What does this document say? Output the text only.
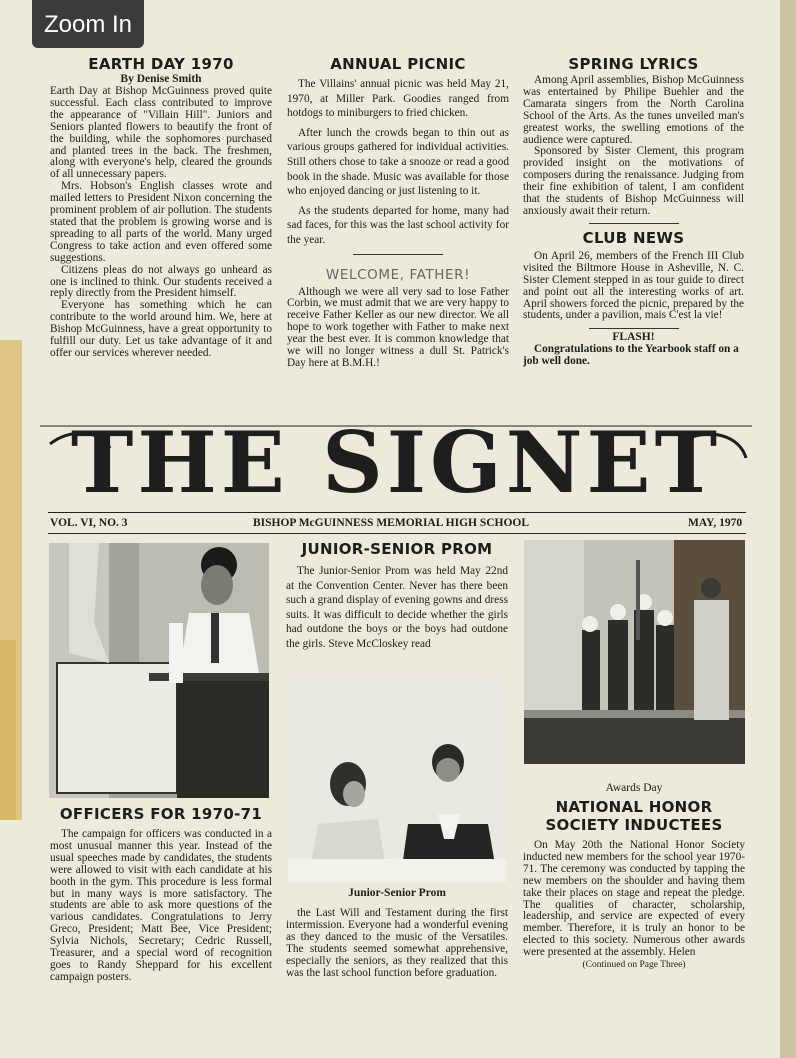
Zoom In
EARTH DAY 1970
By Denise Smith

Earth Day at Bishop McGuinness proved quite successful. Each class contributed to improve the appearance of "Villain Hill". Juniors and Seniors planted flowers to beautify the front of the building, while the sophomores purchased and planted trees in the back. The freshmen, along with everyone's help, cleared the grounds of all unnecessary papers.

Mrs. Hobson's English classes wrote and mailed letters to President Nixon concerning the prominent problem of air pollution. The students stated that the problem is growing worse and is spreading to all parts of the world. Many urged Congress to take action and even offered some suggestions.

Citizens pleas do not always go unheard as one is inclined to think. Our students received a reply directly from the President himself.

Everyone has something which he can contribute to the world around him. We, here at Bishop McGuinness, have a great opportunity to fulfill our duty. Let us take advantage of it and offer our services wherever needed.

ANNUAL PICNIC

The Villains' annual picnic was held May 21, 1970, at Miller Park. Goodies ranged from hotdogs to miniburgers to fried chicken.

After lunch the crowds began to thin out as various groups gathered for individual activities. Still others chose to take a snooze or read a good book in the shade. Music was available for those who enjoyed dancing or just listening to it.

As the students departed for home, many had sad faces, for this was the last school activity for the year.

WELCOME, FATHER!

Although we were all very sad to lose Father Corbin, we must admit that we are very happy to receive Father Keller as our new director. We all hope to work together with Father to make next year the best ever. It is common knowledge that we will no longer witness a dull St. Patrick's Day here at B.M.H.!

SPRING LYRICS

Among April assemblies, Bishop McGuinness was entertained by Philipe Buehler and the Camarata singers from the North Carolina School of the Arts. As the tunes unveiled man's greatest works, the swelling emotions of the audience were captured.

Sponsored by Sister Clement, this program provided insight on the motivations of composers during the renaissance. Judging from their fine exhibition of talent, I am confident that the students of Bishop McGuinness will anxiously await their return.

CLUB NEWS

On April 26, members of the French III Club visited the Biltmore House in Asheville, N. C. Sister Clement stepped in as tour guide to direct and point out all the interesting works of art. April showers forced the picnic, prepared by the students, under a pavilion, mais C'est la vie!

FLASH!

Congratulations to the Yearbook staff on a job well done.

THE SIGNET
VOL. VI, NO. 3	BISHOP McGUINNESS MEMORIAL HIGH SCHOOL	MAY, 1970
OFFICERS FOR 1970-71

The campaign for officers was conducted in a most unusual manner this year. Instead of the usual speeches made by candidates, the students were allowed to visit with each candidate at his booth in the gym. This procedure is less formal but in many ways is more satisfactory. The students are able to ask more questions of the various candidates. Congratulations to Jerry Greco, President; Matt Bee, Vice President; Sylvia Nichols, Secretary; Cedric Russell, Treasurer, and a special word of recognition goes to Randy Sheppard for his excellent campaign posters.

JUNIOR-SENIOR PROM

The Junior-Senior Prom was held May 22nd at the Convention Center. Never has there been such a grand display of evening gowns and dress suits. It was difficult to decide whether the girls had outdone the boys or the boys had outdone the girls. Steve McCloskey read

Junior-Senior Prom

the Last Will and Testament during the first intermission. Everyone had a wonderful evening as they danced to the music of the Versatiles. The students seemed somewhat apprehensive, especially the seniors, as they realized that this was the last school function before graduation.

Awards Day
NATIONAL HONOR SOCIETY INDUCTEES

On May 20th the National Honor Society inducted new members for the school year 1970-71. The ceremony was conducted by tapping the new members on the shoulder and having them take their places on stage and repeat the pledge. The qualities of character, scholarship, leadership, and service are expected of every member. Therefore, it is truly an honor to be elected to this society. Numerous other awards were presented at the assembly. Helen

(Continued on Page Three)
